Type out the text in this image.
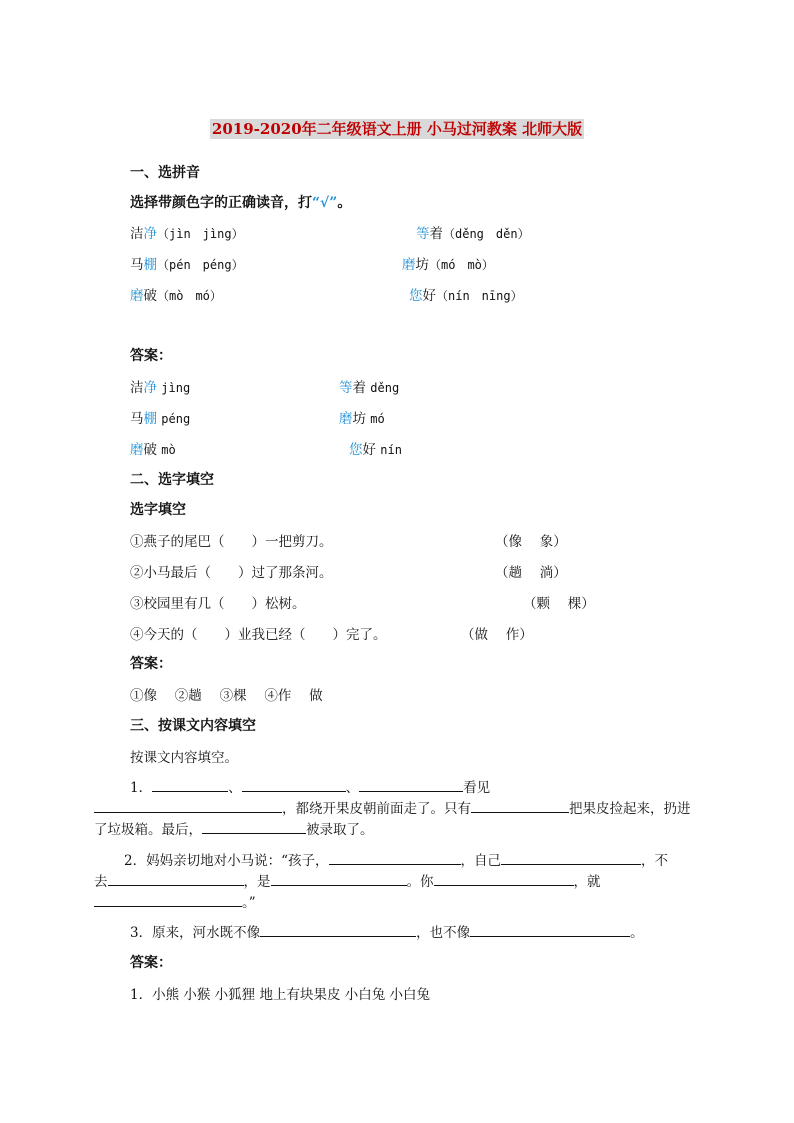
2019-2020年二年级语文上册 小马过河教案 北师大版
一、选拼音
选择带颜色字的正确读音，打“√”。
洁净（jìn　jìng）	等着（děng　děn）
马棚（pén　péng）	磨坊（mó　mò）
磨破（mò　mó）	您好（nín　nīng）
答案：
洁净 jìng	等着 děng
马棚 péng	磨坊 mó
磨破 mò	您好 nín
二、选字填空
选字填空
①燕子的尾巴（　　）一把剪刀。	（像　 象）
②小马最后（　　）过了那条河。	（趟　 淌）
③校园里有几（　　）松树。	（颗　 棵）
④今天的（　　）业我已经（　　）完了。	（做　 作）
答案：
①像　 ②趟　 ③棵　 ④作　 做
三、按课文内容填空
按课文内容填空。
1．	、	、	看见
，都绕开果皮朝前面走了。只有	把果皮捡起来，扔进
了垃圾箱。最后，	被录取了。
2．妈妈亲切地对小马说：“孩子，	，自己	，不
去	，是	。你	，就
。”
3．原来，河水既不像	，也不像	。
答案：
1．小熊 小猴 小狐狸 地上有块果皮 小白兔 小白兔
